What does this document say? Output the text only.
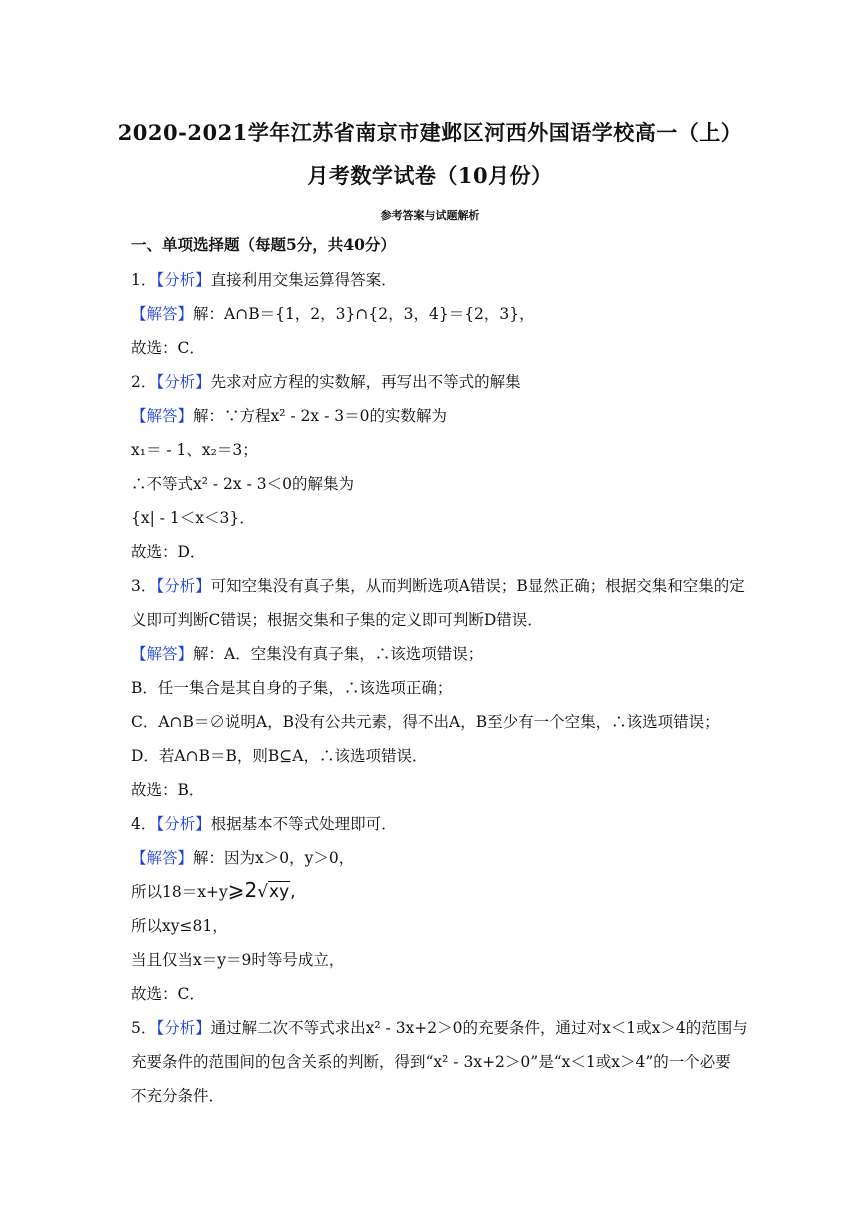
2020-2021学年江苏省南京市建邺区河西外国语学校高一（上）
月考数学试卷（10月份）
参考答案与试题解析
一、单项选择题（每题5分，共40分）
1．【分析】直接利用交集运算得答案．
【解答】解：A∩B＝{1，2，3}∩{2，3，4}＝{2，3}，
故选：C．
2．【分析】先求对应方程的实数解，再写出不等式的解集
【解答】解：∵方程x² - 2x - 3＝0的实数解为
x₁＝ - 1、x₂＝3；
∴不等式x² - 2x - 3＜0的解集为
{x| - 1＜x＜3}．
故选：D．
3．【分析】可知空集没有真子集，从而判断选项A错误；B显然正确；根据交集和空集的定
义即可判断C错误；根据交集和子集的定义即可判断D错误．
【解答】解：A．空集没有真子集，∴该选项错误；
B．任一集合是其自身的子集，∴该选项正确；
C．A∩B＝∅说明A，B没有公共元素，得不出A，B至少有一个空集，∴该选项错误；
D．若A∩B＝B，则B⊆A，∴该选项错误．
故选：B．
4．【分析】根据基本不等式处理即可．
【解答】解：因为x＞0，y＞0，
所以18＝x+y⩾2√xy,
所以xy≤81，
当且仅当x＝y＝9时等号成立，
故选：C．
5．【分析】通过解二次不等式求出x² - 3x+2＞0的充要条件，通过对x＜1或x＞4的范围与
充要条件的范围间的包含关系的判断，得到“x² - 3x+2＞0”是“x＜1或x＞4”的一个必要
不充分条件．
